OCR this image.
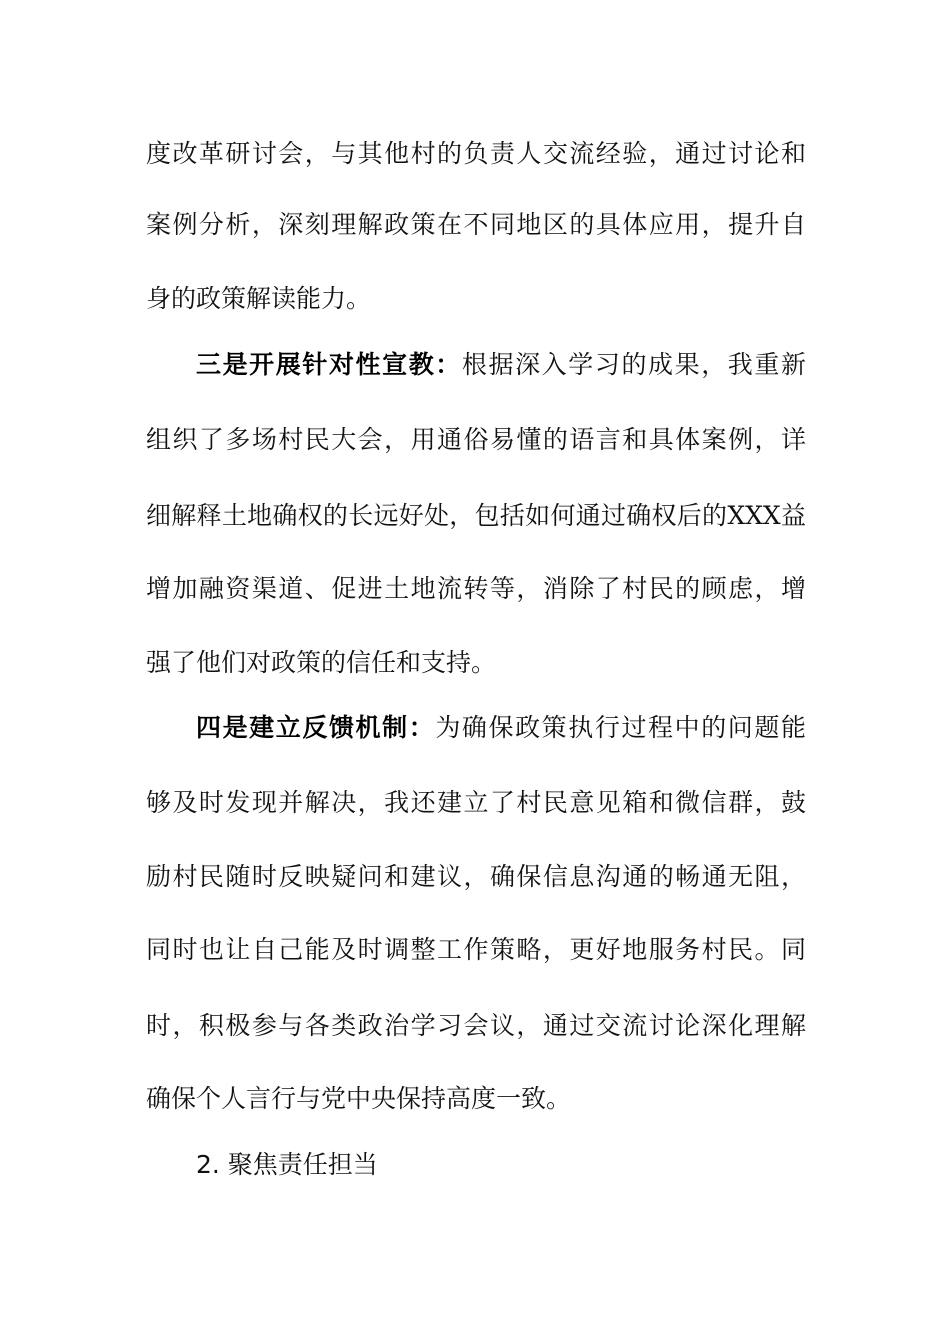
度改革研讨会，与其他村的负责人交流经验，通过讨论和
案例分析，深刻理解政策在不同地区的具体应用，提升自
身的政策解读能力。
三是开展针对性宣教：根据深入学习的成果，我重新
组织了多场村民大会，用通俗易懂的语言和具体案例，详
细解释土地确权的长远好处，包括如何通过确权后的XXX益
增加融资渠道、促进土地流转等，消除了村民的顾虑，增
强了他们对政策的信任和支持。
四是建立反馈机制：为确保政策执行过程中的问题能
够及时发现并解决，我还建立了村民意见箱和微信群，鼓
励村民随时反映疑问和建议，确保信息沟通的畅通无阻，
同时也让自己能及时调整工作策略，更好地服务村民。同
时，积极参与各类政治学习会议，通过交流讨论深化理解
确保个人言行与党中央保持高度一致。
2. 聚焦责任担当
